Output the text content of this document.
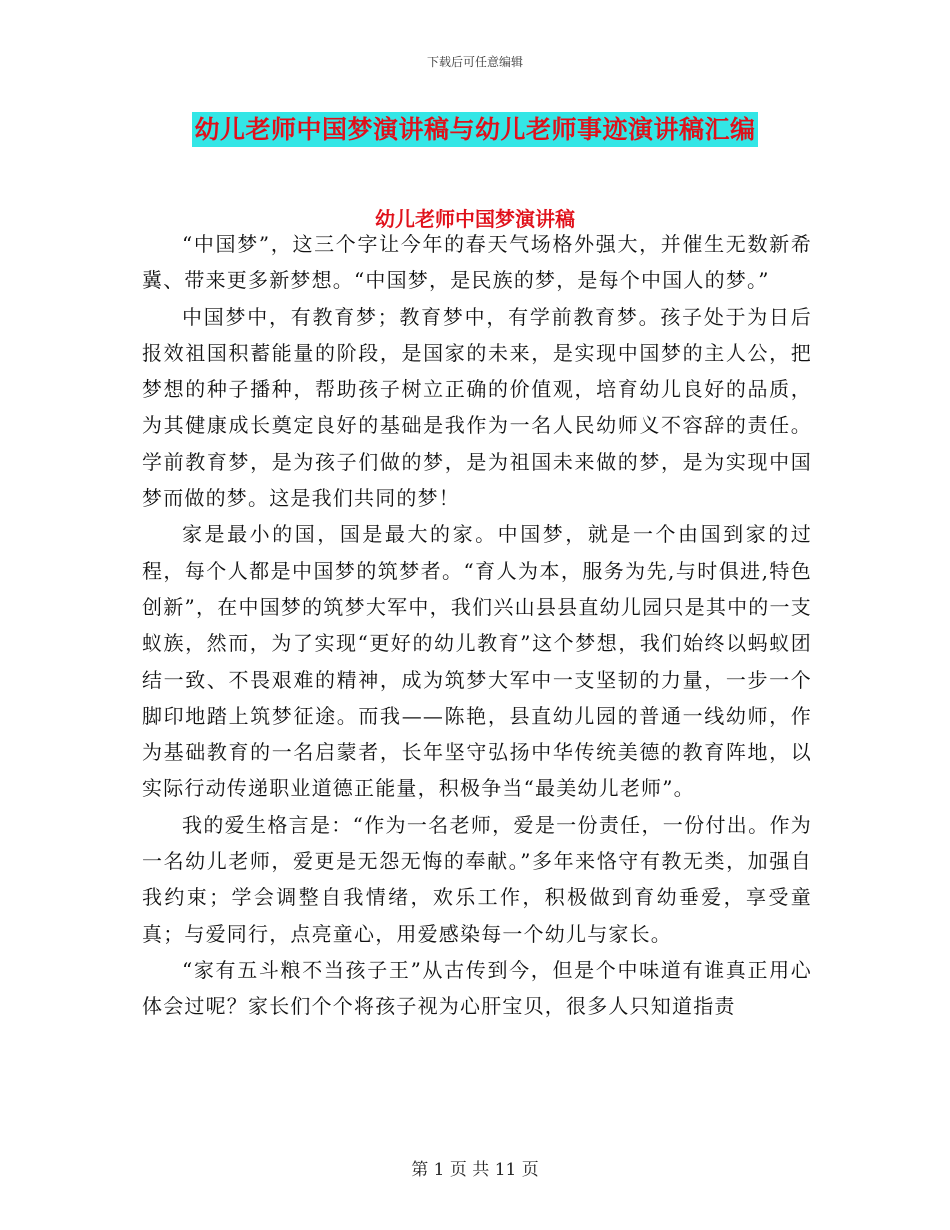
下载后可任意编辑
幼儿老师中国梦演讲稿与幼儿老师事迹演讲稿汇编
幼儿老师中国梦演讲稿

“中国梦”，这三个字让今年的春天气场格外强大，并催生无数新希冀、带来更多新梦想。“中国梦，是民族的梦，是每个中国人的梦。”

中国梦中，有教育梦；教育梦中，有学前教育梦。孩子处于为日后报效祖国积蓄能量的阶段，是国家的未来，是实现中国梦的主人公，把梦想的种子播种，帮助孩子树立正确的价值观，培育幼儿良好的品质，为其健康成长奠定良好的基础是我作为一名人民幼师义不容辞的责任。学前教育梦，是为孩子们做的梦，是为祖国未来做的梦，是为实现中国梦而做的梦。这是我们共同的梦！

家是最小的国，国是最大的家。中国梦，就是一个由国到家的过程，每个人都是中国梦的筑梦者。“育人为本，服务为先,与时俱进,特色创新”，在中国梦的筑梦大军中，我们兴山县县直幼儿园只是其中的一支蚁族，然而，为了实现“更好的幼儿教育”这个梦想，我们始终以蚂蚁团结一致、不畏艰难的精神，成为筑梦大军中一支坚韧的力量，一步一个脚印地踏上筑梦征途。而我——陈艳，县直幼儿园的普通一线幼师，作为基础教育的一名启蒙者，长年坚守弘扬中华传统美德的教育阵地，以实际行动传递职业道德正能量，积极争当“最美幼儿老师”。

我的爱生格言是：“作为一名老师，爱是一份责任，一份付出。作为一名幼儿老师，爱更是无怨无悔的奉献。”多年来恪守有教无类，加强自我约束；学会调整自我情绪，欢乐工作，积极做到育幼垂爱，享受童真；与爱同行，点亮童心，用爱感染每一个幼儿与家长。

“家有五斗粮不当孩子王”从古传到今，但是个中味道有谁真正用心体会过呢？家长们个个将孩子视为心肝宝贝，很多人只知道指责

第 1 页 共 11 页
